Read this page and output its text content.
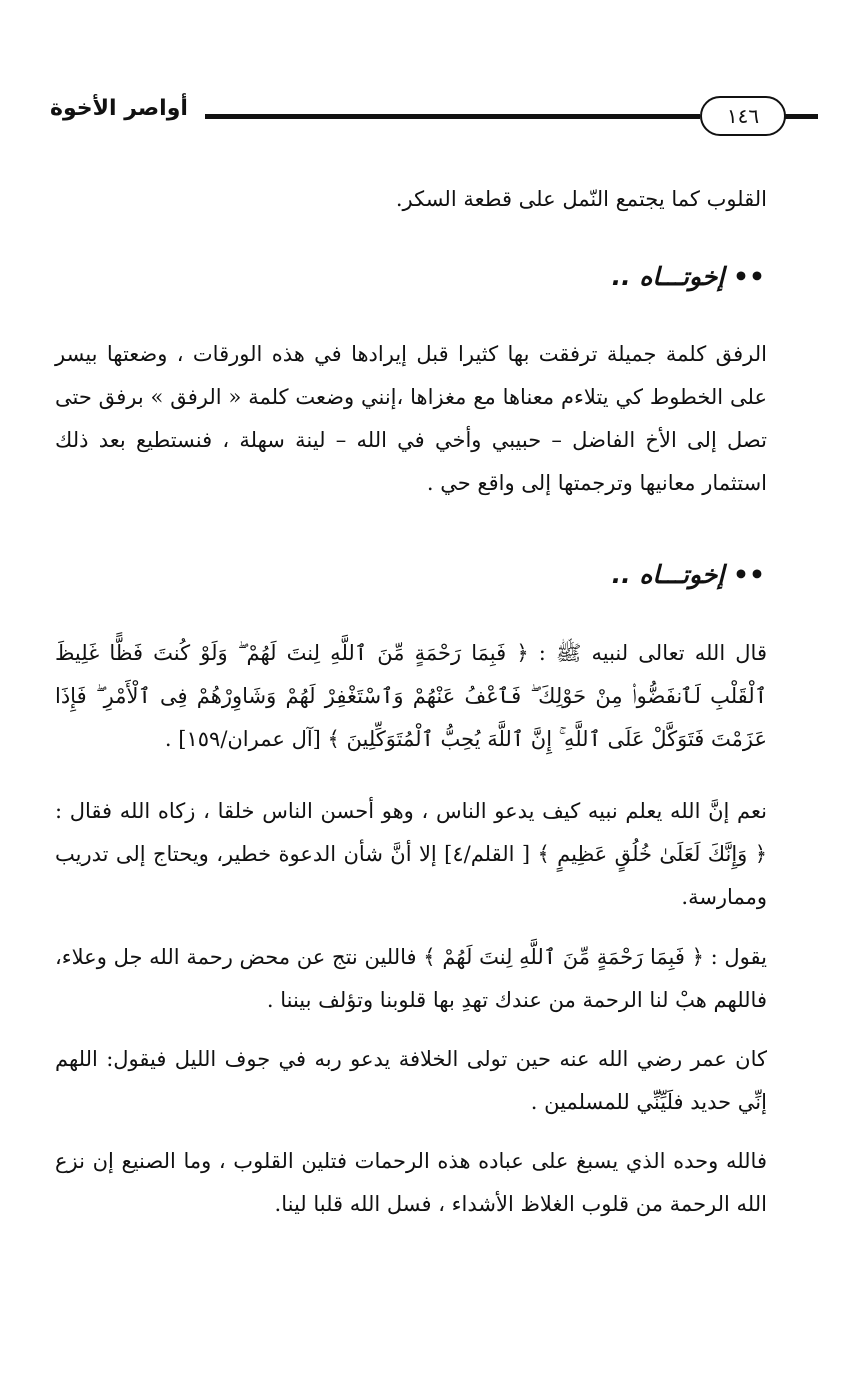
أواصر الأخوة	١٤٦
القلوب كما يجتمع النّمل على قطعة السكر.
•• إخوتـــاه ..
الرفق كلمة جميلة ترفقت بها كثيرا قبل إيرادها في هذه الورقات ، وضعتها بيسر على الخطوط كي يتلاءم معناها مع مغزاها ،إنني وضعت كلمة « الرفق » برفق حتى تصل إلى الأخ الفاضل – حبيبي وأخي في الله – لينة سهلة ، فنستطيع بعد ذلك استثمار معانيها وترجمتها إلى واقع حي .
•• إخوتـــاه ..
قال الله تعالى لنبيه ﷺ : ﴿ فَبِمَا رَحْمَةٍ مِّنَ ٱللَّهِ لِنتَ لَهُمْ ۖ وَلَوْ كُنتَ فَظًّا غَلِيظَ ٱلْقَلْبِ لَٱنفَضُّوا۟ مِنْ حَوْلِكَ ۖ فَٱعْفُ عَنْهُمْ وَٱسْتَغْفِرْ لَهُمْ وَشَاوِرْهُمْ فِى ٱلْأَمْرِ ۖ فَإِذَا عَزَمْتَ فَتَوَكَّلْ عَلَى ٱللَّهِ ۚ إِنَّ ٱللَّهَ يُحِبُّ ٱلْمُتَوَكِّلِينَ ﴾ [آل عمران/١٥٩] .
نعم إنَّ الله يعلم نبيه كيف يدعو الناس ، وهو أحسن الناس خلقا ، زكاه الله فقال : ﴿ وَإِنَّكَ لَعَلَىٰ خُلُقٍ عَظِيمٍ ﴾ [ القلم/٤] إلا أنَّ شأن الدعوة خطير، ويحتاج إلى تدريب وممارسة.
يقول : ﴿ فَبِمَا رَحْمَةٍ مِّنَ ٱللَّهِ لِنتَ لَهُمْ ﴾ فاللين نتج عن محض رحمة الله جل وعلاء، فاللهم هبْ لنا الرحمة من عندك تهدِ بها قلوبنا وتؤلف بيننا .
كان عمر رضي الله عنه حين تولى الخلافة يدعو ربه في جوف الليل فيقول: اللهم إنِّي حديد فلَيِّنِّي للمسلمين .
فالله وحده الذي يسبغ على عباده هذه الرحمات فتلين القلوب ، وما الصنيع إن نزع الله الرحمة من قلوب الغلاظ الأشداء ، فسل الله قلبا لينا.
